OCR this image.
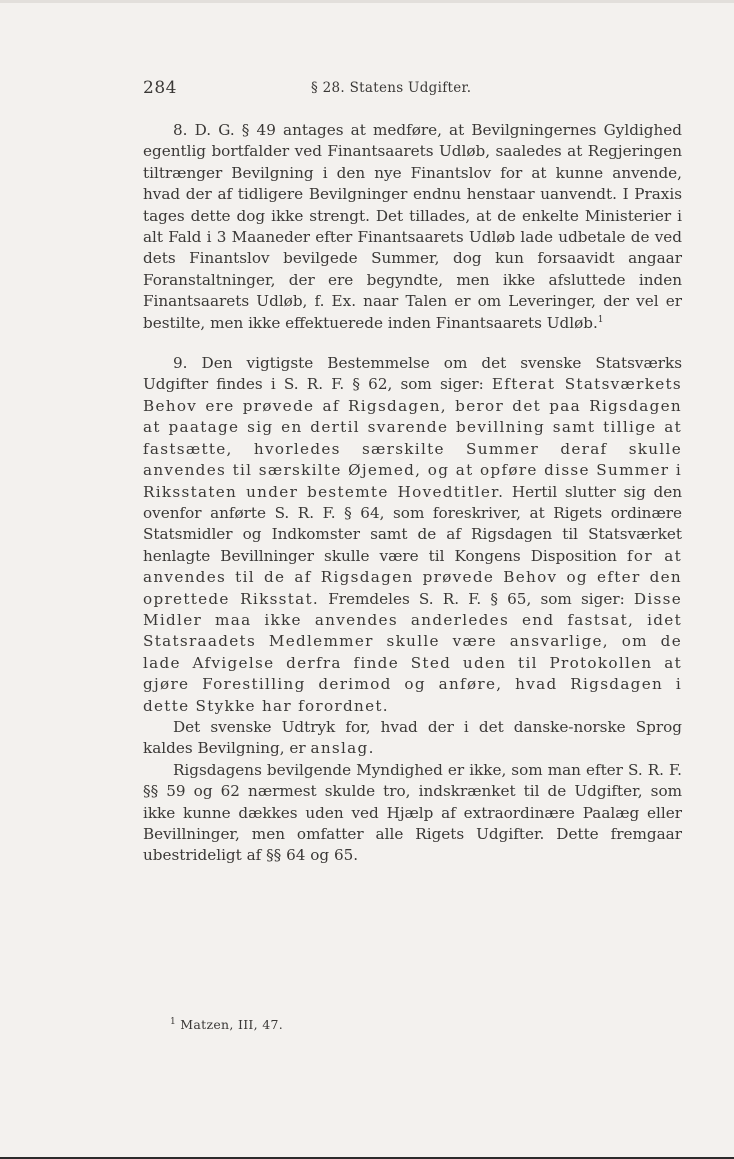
284	§ 28. Statens Udgifter.

8. D. G. § 49 antages at medføre, at Bevilgningernes Gyldighed egentlig bortfalder ved Finantsaarets Udløb, saaledes at Regjeringen tiltrænger Bevilgning i den nye Finantslov for at kunne anvende, hvad der af tidligere Bevilgninger endnu henstaar uanvendt. I Praxis tages dette dog ikke strengt. Det tillades, at de enkelte Ministerier i alt Fald i 3 Maaneder efter Finantsaarets Udløb lade udbetale de ved dets Finantslov bevilgede Summer, dog kun forsaavidt angaar Foranstaltninger, der ere begyndte, men ikke afsluttede inden Finantsaarets Udløb, f. Ex. naar Talen er om Leveringer, der vel er bestilte, men ikke effektuerede inden Finantsaarets Udløb.$^1$

9. Den vigtigste Bestemmelse om det svenske Statsværks Udgifter findes i S. R. F. § 62, som siger: Efterat Statsværkets Behov ere prøvede af Rigsdagen, beror det paa Rigsdagen at paatage sig en dertil svarende bevillning samt tillige at fastsætte, hvorledes særskilte Summer deraf skulle anvendes til særskilte Øjemed, og at opføre disse Summer i Riksstaten under bestemte Hovedtitler. Hertil slutter sig den ovenfor anførte S. R. F. § 64, som foreskriver, at Rigets ordinære Statsmidler og Indkomster samt de af Rigsdagen til Statsværket henlagte Bevillninger skulle være til Kongens Disposition for at anvendes til de af Rigsdagen prøvede Behov og efter den oprettede Riksstat. Fremdeles S. R. F. § 65, som siger: Disse Midler maa ikke anvendes anderledes end fastsat, idet Statsraadets Medlemmer skulle være ansvarlige, om de lade Afvigelse derfra finde Sted uden til Protokollen at gjøre Forestilling derimod og anføre, hvad Rigsdagen i dette Stykke har forordnet.

Det svenske Udtryk for, hvad der i det danske-norske Sprog kaldes Bevilgning, er anslag.

Rigsdagens bevilgende Myndighed er ikke, som man efter S. R. F. §§ 59 og 62 nærmest skulde tro, indskrænket til de Udgifter, som ikke kunne dækkes uden ved Hjælp af extraordinære Paalæg eller Bevillninger, men omfatter alle Rigets Udgifter. Dette fremgaar ubestrideligt af §§ 64 og 65.

$^1$ Matzen, III, 47.
